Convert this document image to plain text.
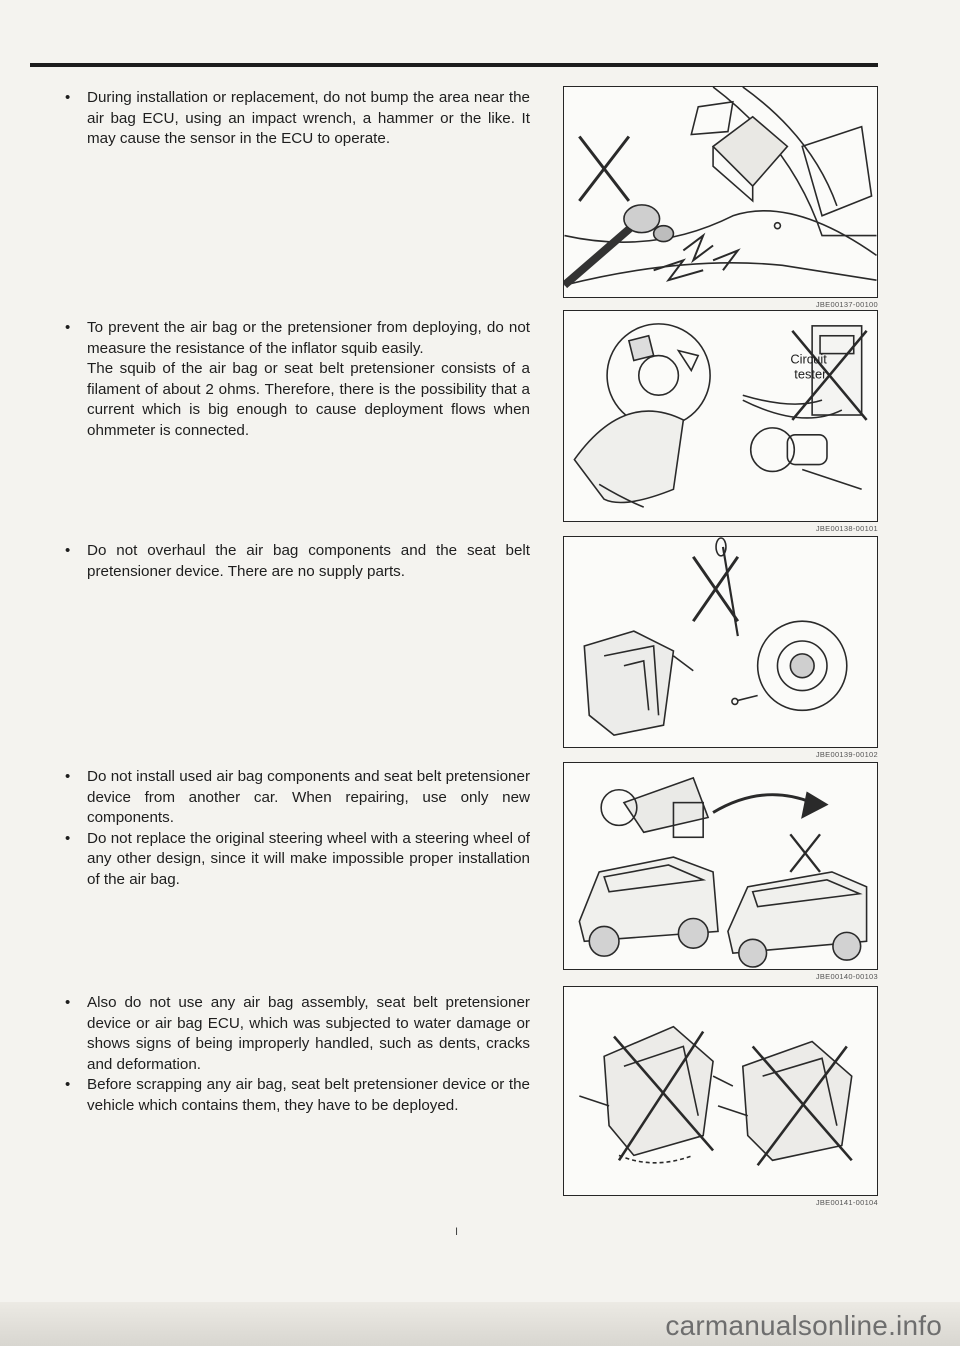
• During installation or replacement, do not bump the area near the air bag ECU, using an impact wrench, a hammer or the like. It may cause the sensor in the ECU to operate.

• To prevent the air bag or the pretensioner from deploying, do not measure the resistance of the inflator squib easily.

The squib of the air bag or seat belt pretensioner consists of a filament of about 2 ohms. Therefore, there is the possibility that a current which is big enough to cause deployment flows when ohmmeter is connected.

• Do not overhaul the air bag components and the seat belt pretensioner device. There are no supply parts.

• Do not install used air bag components and seat belt pretensioner device from another car. When repairing, use only new components.

• Do not replace the original steering wheel with a steering wheel of any other design, since it will make impossible proper installation of the air bag.

• Also do not use any air bag assembly, seat belt pretensioner device or air bag ECU, which was subjected to water damage or shows signs of being improperly handled, such as dents, cracks and deformation.

• Before scrapping any air bag, seat belt pretensioner device or the vehicle which contains them, they have to be deployed.

JBE00137-00100
Circuit
tester
JBE00138-00101
JBE00139-00102
JBE00140-00103
JBE00141-00104
I
carmanualsonline.info
